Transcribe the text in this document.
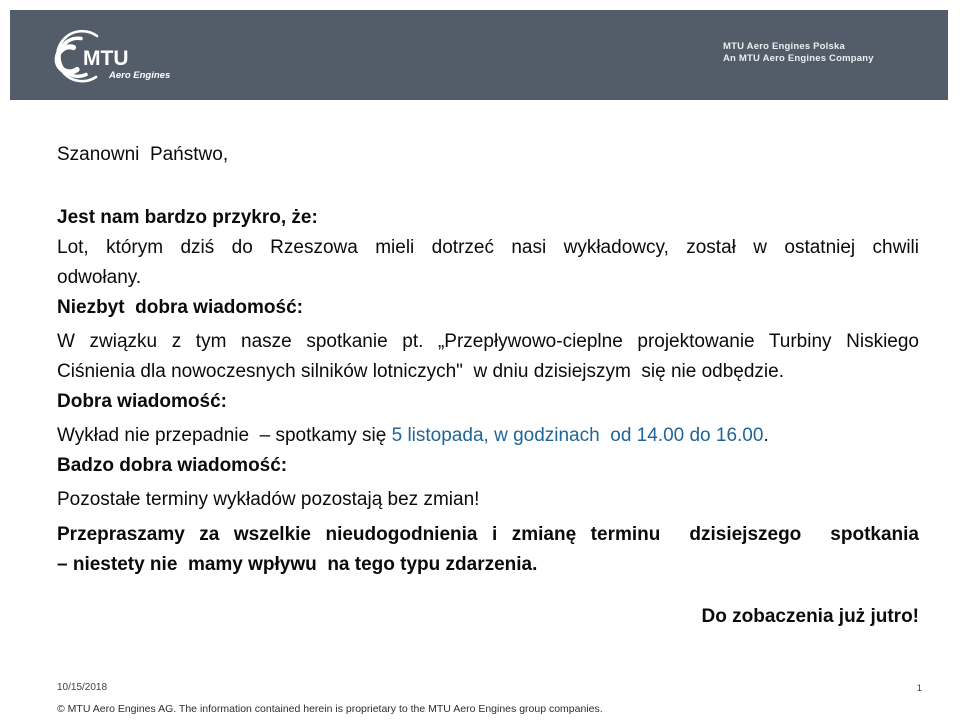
MTU
Aero Engines
MTU Aero Engines Polska
An MTU Aero Engines Company
Szanowni  Państwo,
Jest nam bardzo przykro, że:
Lot, którym dziś do Rzeszowa mieli dotrzeć nasi wykładowcy, został w ostatniej chwili
odwołany.
Niezbyt  dobra wiadomość:
W związku z tym nasze spotkanie pt. „Przepływowo-cieplne projektowanie Turbiny Niskiego
Ciśnienia dla nowoczesnych silników lotniczych"  w dniu dzisiejszym  się nie odbędzie.
Dobra wiadomość:
Wykład nie przepadnie  – spotkamy się 5 listopada, w godzinach  od 14.00 do 16.00.
Badzo dobra wiadomość:
Pozostałe terminy wykładów pozostają bez zmian!
Przepraszamy za wszelkie nieudogodnienia i zmianę terminu  dzisiejszego  spotkania
– niestety nie  mamy wpływu  na tego typu zdarzenia.
Do zobaczenia już jutro!
10/15/2018	1
© MTU Aero Engines AG. The information contained herein is proprietary to the MTU Aero Engines group companies.
